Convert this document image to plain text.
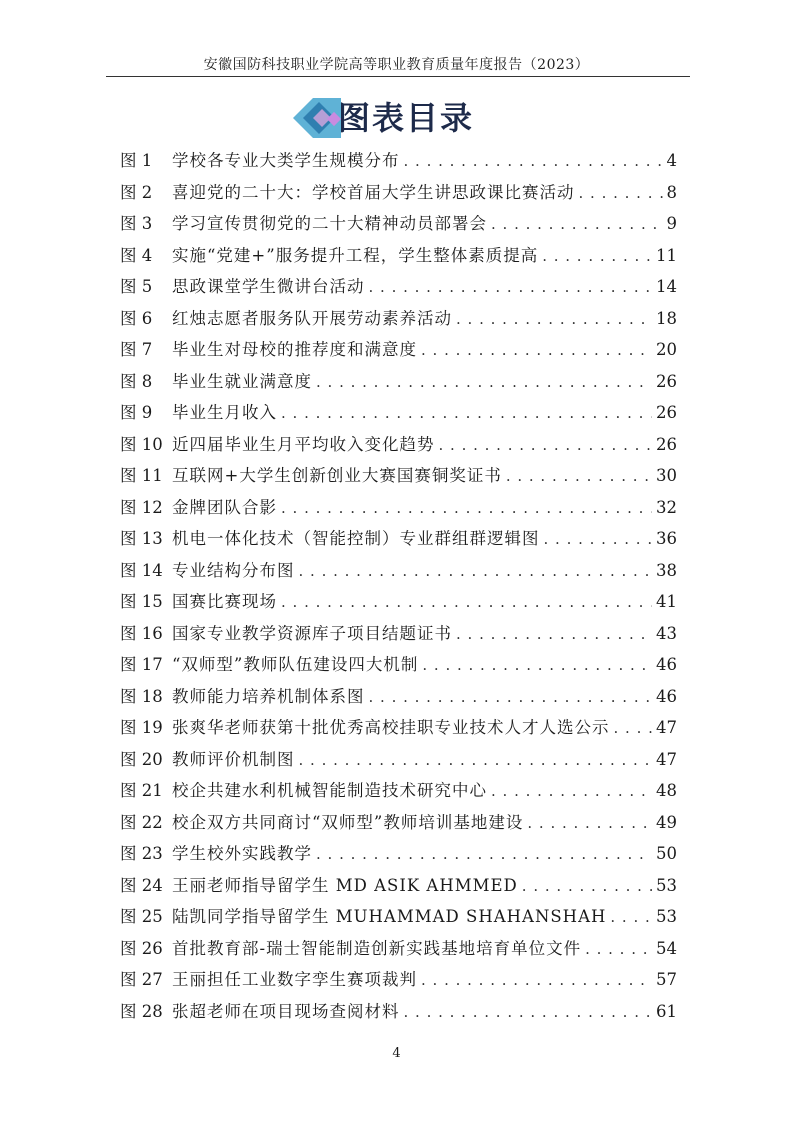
安徽国防科技职业学院高等职业教育质量年度报告（2023）
图表目录
图 1	学校各专业大类学生规模分布 . . .	4
图 2	喜迎党的二十大：学校首届大学生讲思政课比赛活动 . . .	8
图 3	学习宣传贯彻党的二十大精神动员部署会 . . .	9
图 4	实施“党建+”服务提升工程，学生整体素质提高 . . .	11
图 5	思政课堂学生微讲台活动 . . .	14
图 6	红烛志愿者服务队开展劳动素养活动 . . .	18
图 7	毕业生对母校的推荐度和满意度 . . .	20
图 8	毕业生就业满意度 . . .	26
图 9	毕业生月收入 . . .	26
图 10 近四届毕业生月平均收入变化趋势 . . .	26
图 11 互联网+大学生创新创业大赛国赛铜奖证书 . . .	30
图 12 金牌团队合影 . . .	32
图 13 机电一体化技术（智能控制）专业群组群逻辑图 . . .	36
图 14 专业结构分布图 . . .	38
图 15 国赛比赛现场 . . .	41
图 16 国家专业教学资源库子项目结题证书 . . .	43
图 17 “双师型”教师队伍建设四大机制 . . .	46
图 18 教师能力培养机制体系图 . . .	46
图 19 张爽华老师获第十批优秀高校挂职专业技术人才人选公示 . . .	47
图 20 教师评价机制图 . . .	47
图 21 校企共建水利机械智能制造技术研究中心 . . .	48
图 22 校企双方共同商讨“双师型”教师培训基地建设 . . .	49
图 23 学生校外实践教学 . . .	50
图 24 王丽老师指导留学生 MD ASIK AHMMED . . .	53
图 25 陆凯同学指导留学生 MUHAMMAD SHAHANSHAH . . .	53
图 26 首批教育部-瑞士智能制造创新实践基地培育单位文件 . . .	54
图 27 王丽担任工业数字孪生赛项裁判 . . .	57
图 28 张超老师在项目现场查阅材料 . . .	61
4
